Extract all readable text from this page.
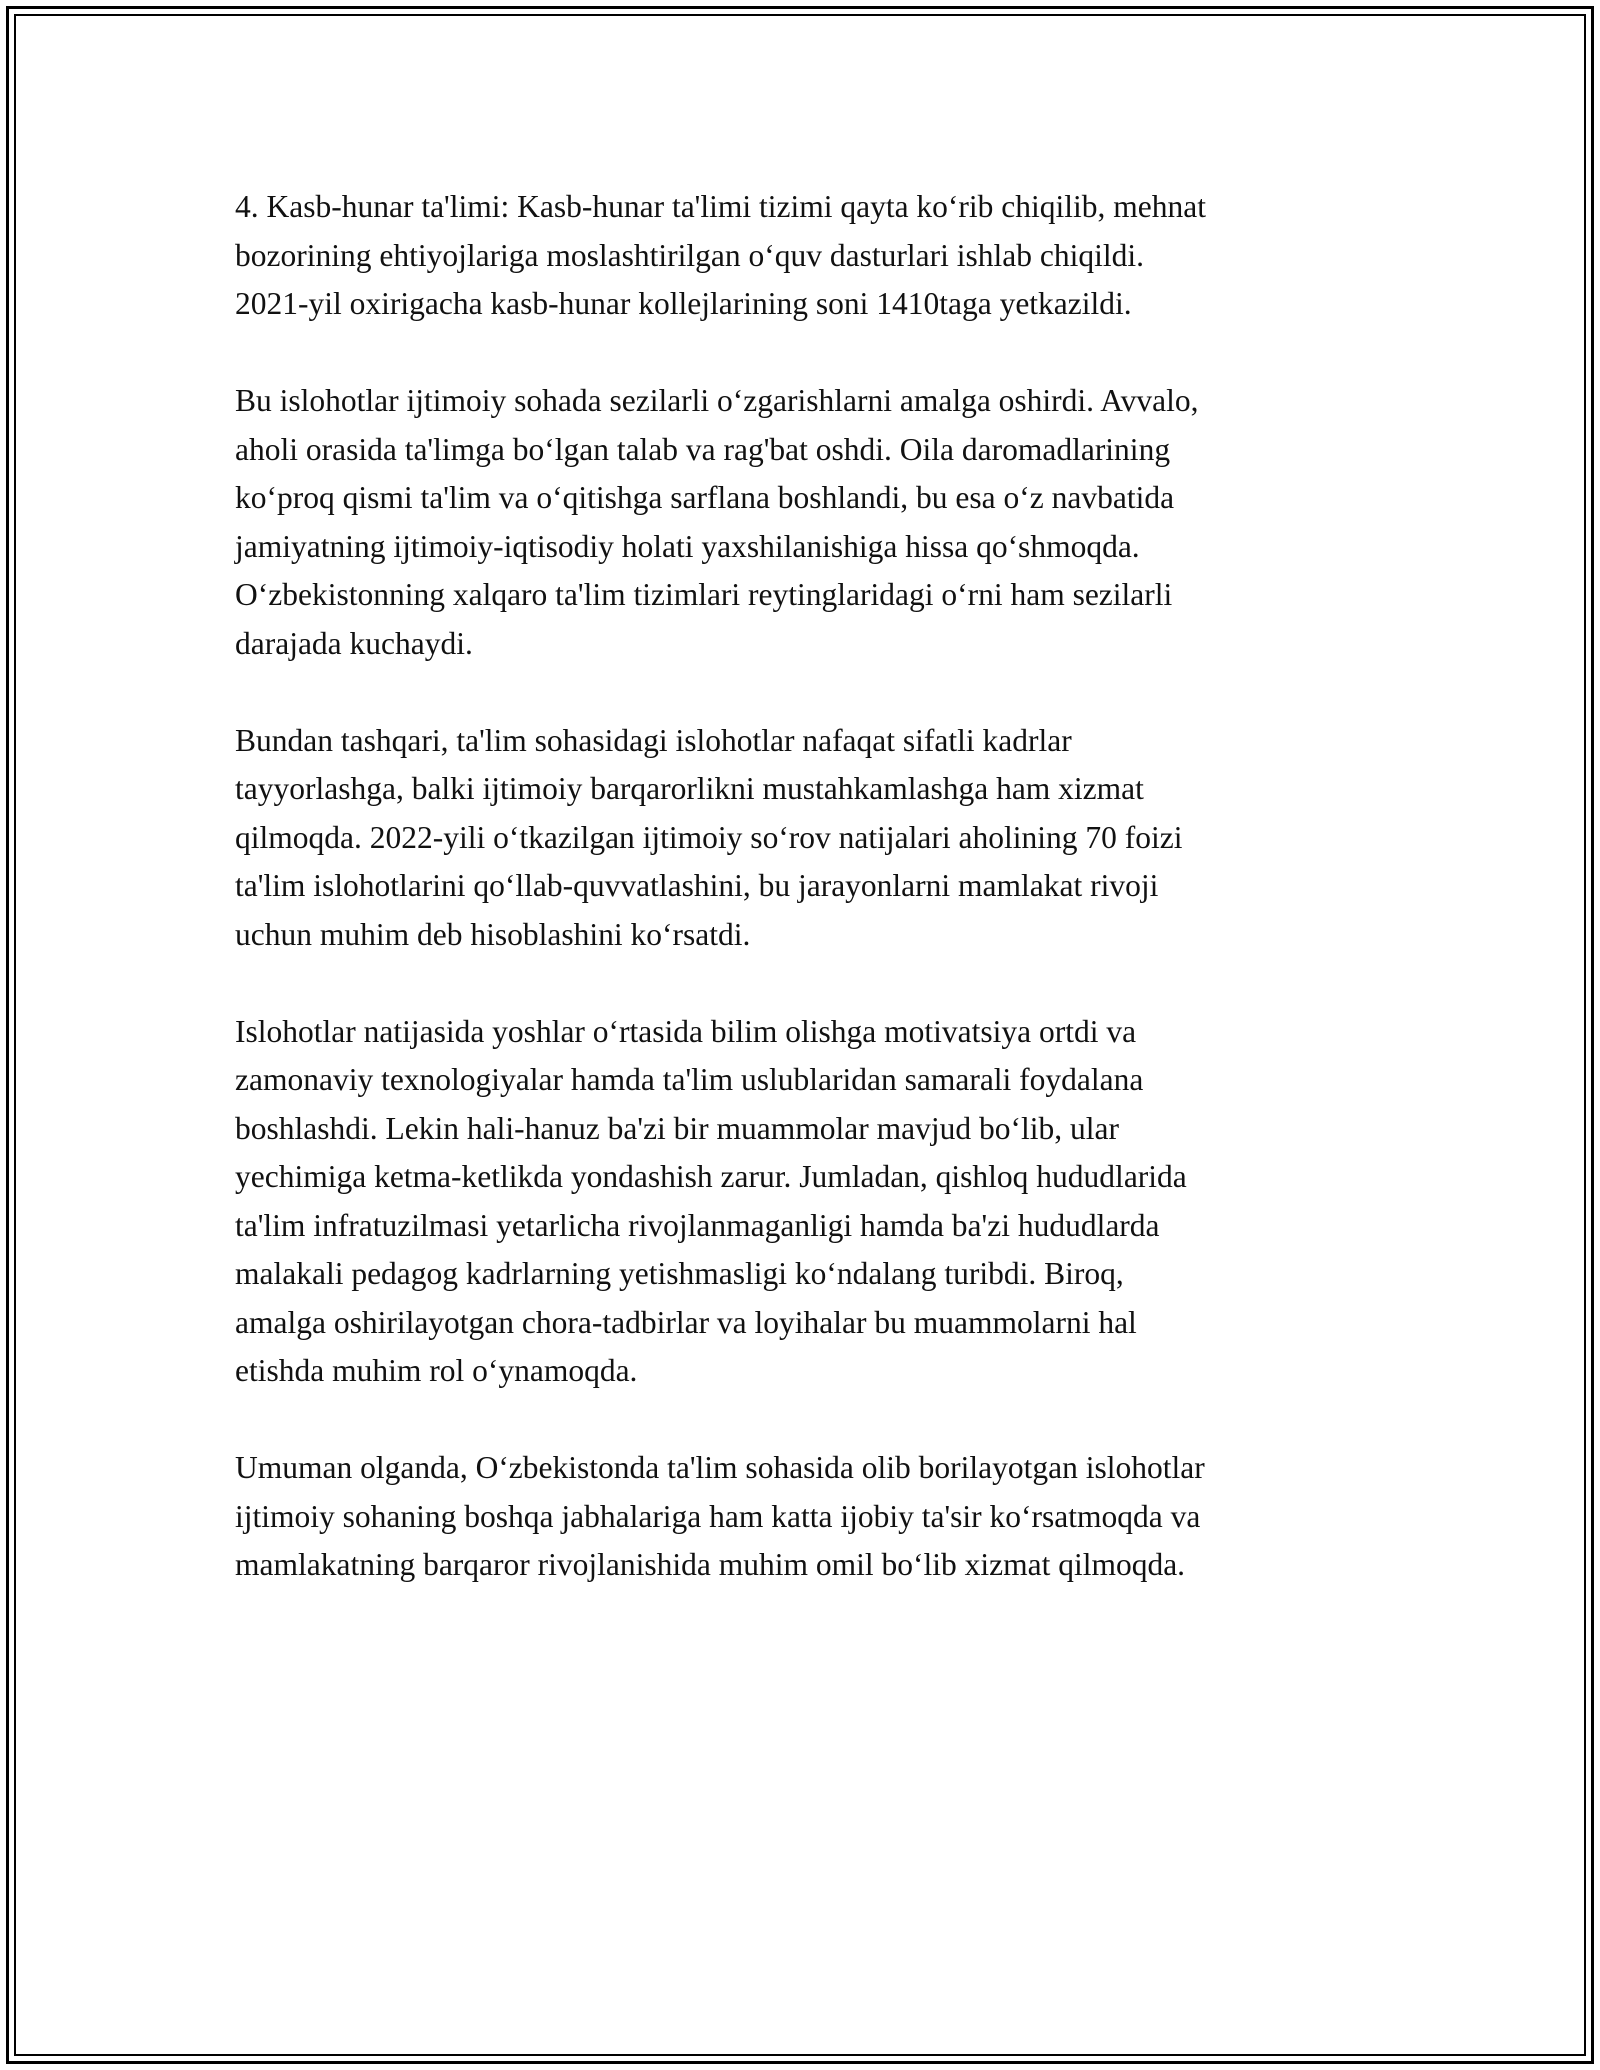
4. Kasb-hunar ta'limi: Kasb-hunar ta'limi tizimi qayta koʻrib chiqilib, mehnat
bozorining ehtiyojlariga moslashtirilgan oʻquv dasturlari ishlab chiqildi.
2021-yil oxirigacha kasb-hunar kollejlarining soni 1410taga yetkazildi.

Bu islohotlar ijtimoiy sohada sezilarli oʻzgarishlarni amalga oshirdi. Avvalo,
aholi orasida ta'limga boʻlgan talab va rag'bat oshdi. Oila daromadlarining
koʻproq qismi ta'lim va oʻqitishga sarflana boshlandi, bu esa oʻz navbatida
jamiyatning ijtimoiy-iqtisodiy holati yaxshilanishiga hissa qoʻshmoqda.
Oʻzbekistonning xalqaro ta'lim tizimlari reytinglaridagi oʻrni ham sezilarli
darajada kuchaydi.

Bundan tashqari, ta'lim sohasidagi islohotlar nafaqat sifatli kadrlar
tayyorlashga, balki ijtimoiy barqarorlikni mustahkamlashga ham xizmat
qilmoqda. 2022-yili oʻtkazilgan ijtimoiy soʻrov natijalari aholining 70 foizi
ta'lim islohotlarini qoʻllab-quvvatlashini, bu jarayonlarni mamlakat rivoji
uchun muhim deb hisoblashini koʻrsatdi.

Islohotlar natijasida yoshlar oʻrtasida bilim olishga motivatsiya ortdi va
zamonaviy texnologiyalar hamda ta'lim uslublaridan samarali foydalana
boshlashdi. Lekin hali-hanuz ba'zi bir muammolar mavjud boʻlib, ular
yechimiga ketma-ketlikda yondashish zarur. Jumladan, qishloq hududlarida
ta'lim infratuzilmasi yetarlicha rivojlanmaganligi hamda ba'zi hududlarda
malakali pedagog kadrlarning yetishmasligi koʻndalang turibdi. Biroq,
amalga oshirilayotgan chora-tadbirlar va loyihalar bu muammolarni hal
etishda muhim rol oʻynamoqda.

Umuman olganda, Oʻzbekistonda ta'lim sohasida olib borilayotgan islohotlar
ijtimoiy sohaning boshqa jabhalariga ham katta ijobiy ta'sir koʻrsatmoqda va
mamlakatning barqaror rivojlanishida muhim omil boʻlib xizmat qilmoqda.
